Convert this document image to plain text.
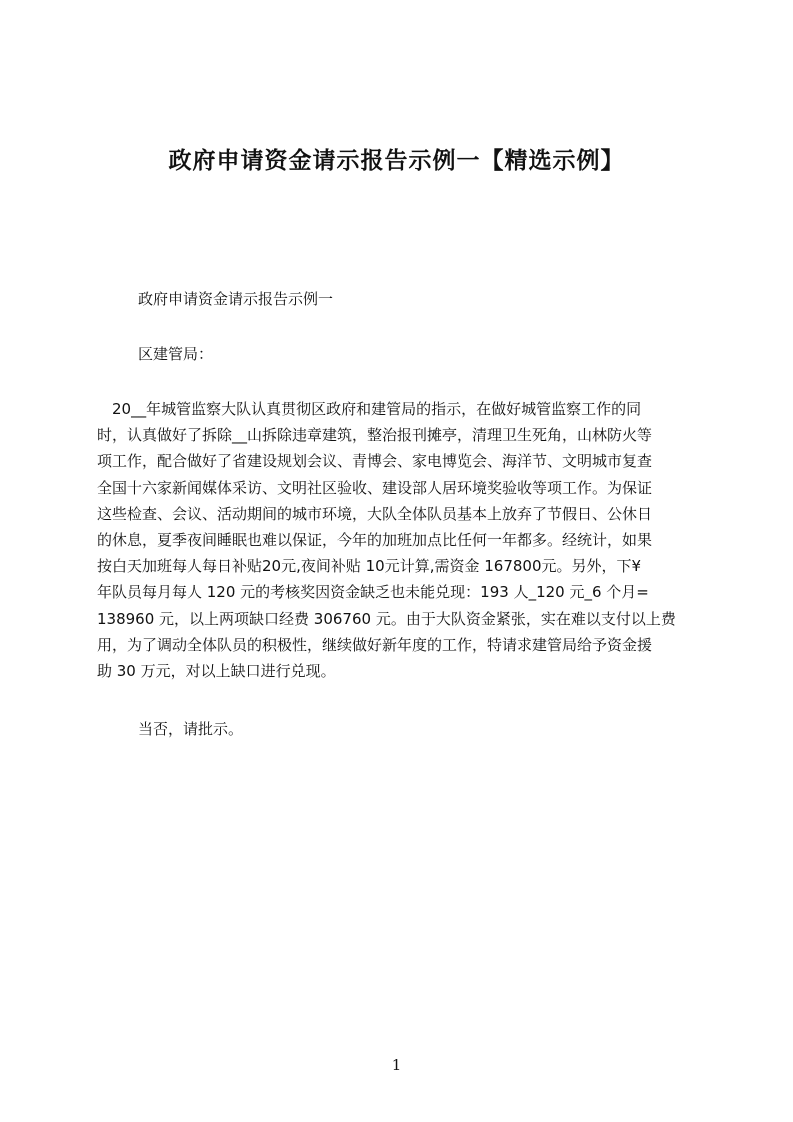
政府申请资金请示报告示例一【精选示例】
政府申请资金请示报告示例一
区建管局：
　20__年城管监察大队认真贯彻区政府和建管局的指示，在做好城管监察工作的同
时，认真做好了拆除__山拆除违章建筑，整治报刊摊亭，清理卫生死角，山林防火等
项工作，配合做好了省建设规划会议、青博会、家电博览会、海洋节、文明城市复查
全国十六家新闻媒体采访、文明社区验收、建设部人居环境奖验收等项工作。为保证
这些检查、会议、活动期间的城市环境，大队全体队员基本上放弃了节假日、公休日
的休息，夏季夜间睡眠也难以保证，今年的加班加点比任何一年都多。经统计，如果
按白天加班每人每日补贴20元,夜间补贴 10元计算,需资金 167800元。另外，下¥
年队员每月每人 120 元的考核奖因资金缺乏也未能兑现：193 人_120 元_6 个月=
138960 元，以上两项缺口经费 306760 元。由于大队资金紧张，实在难以支付以上费
用，为了调动全体队员的积极性，继续做好新年度的工作，特请求建管局给予资金援
助 30 万元，对以上缺口进行兑现。
当否，请批示。
1
